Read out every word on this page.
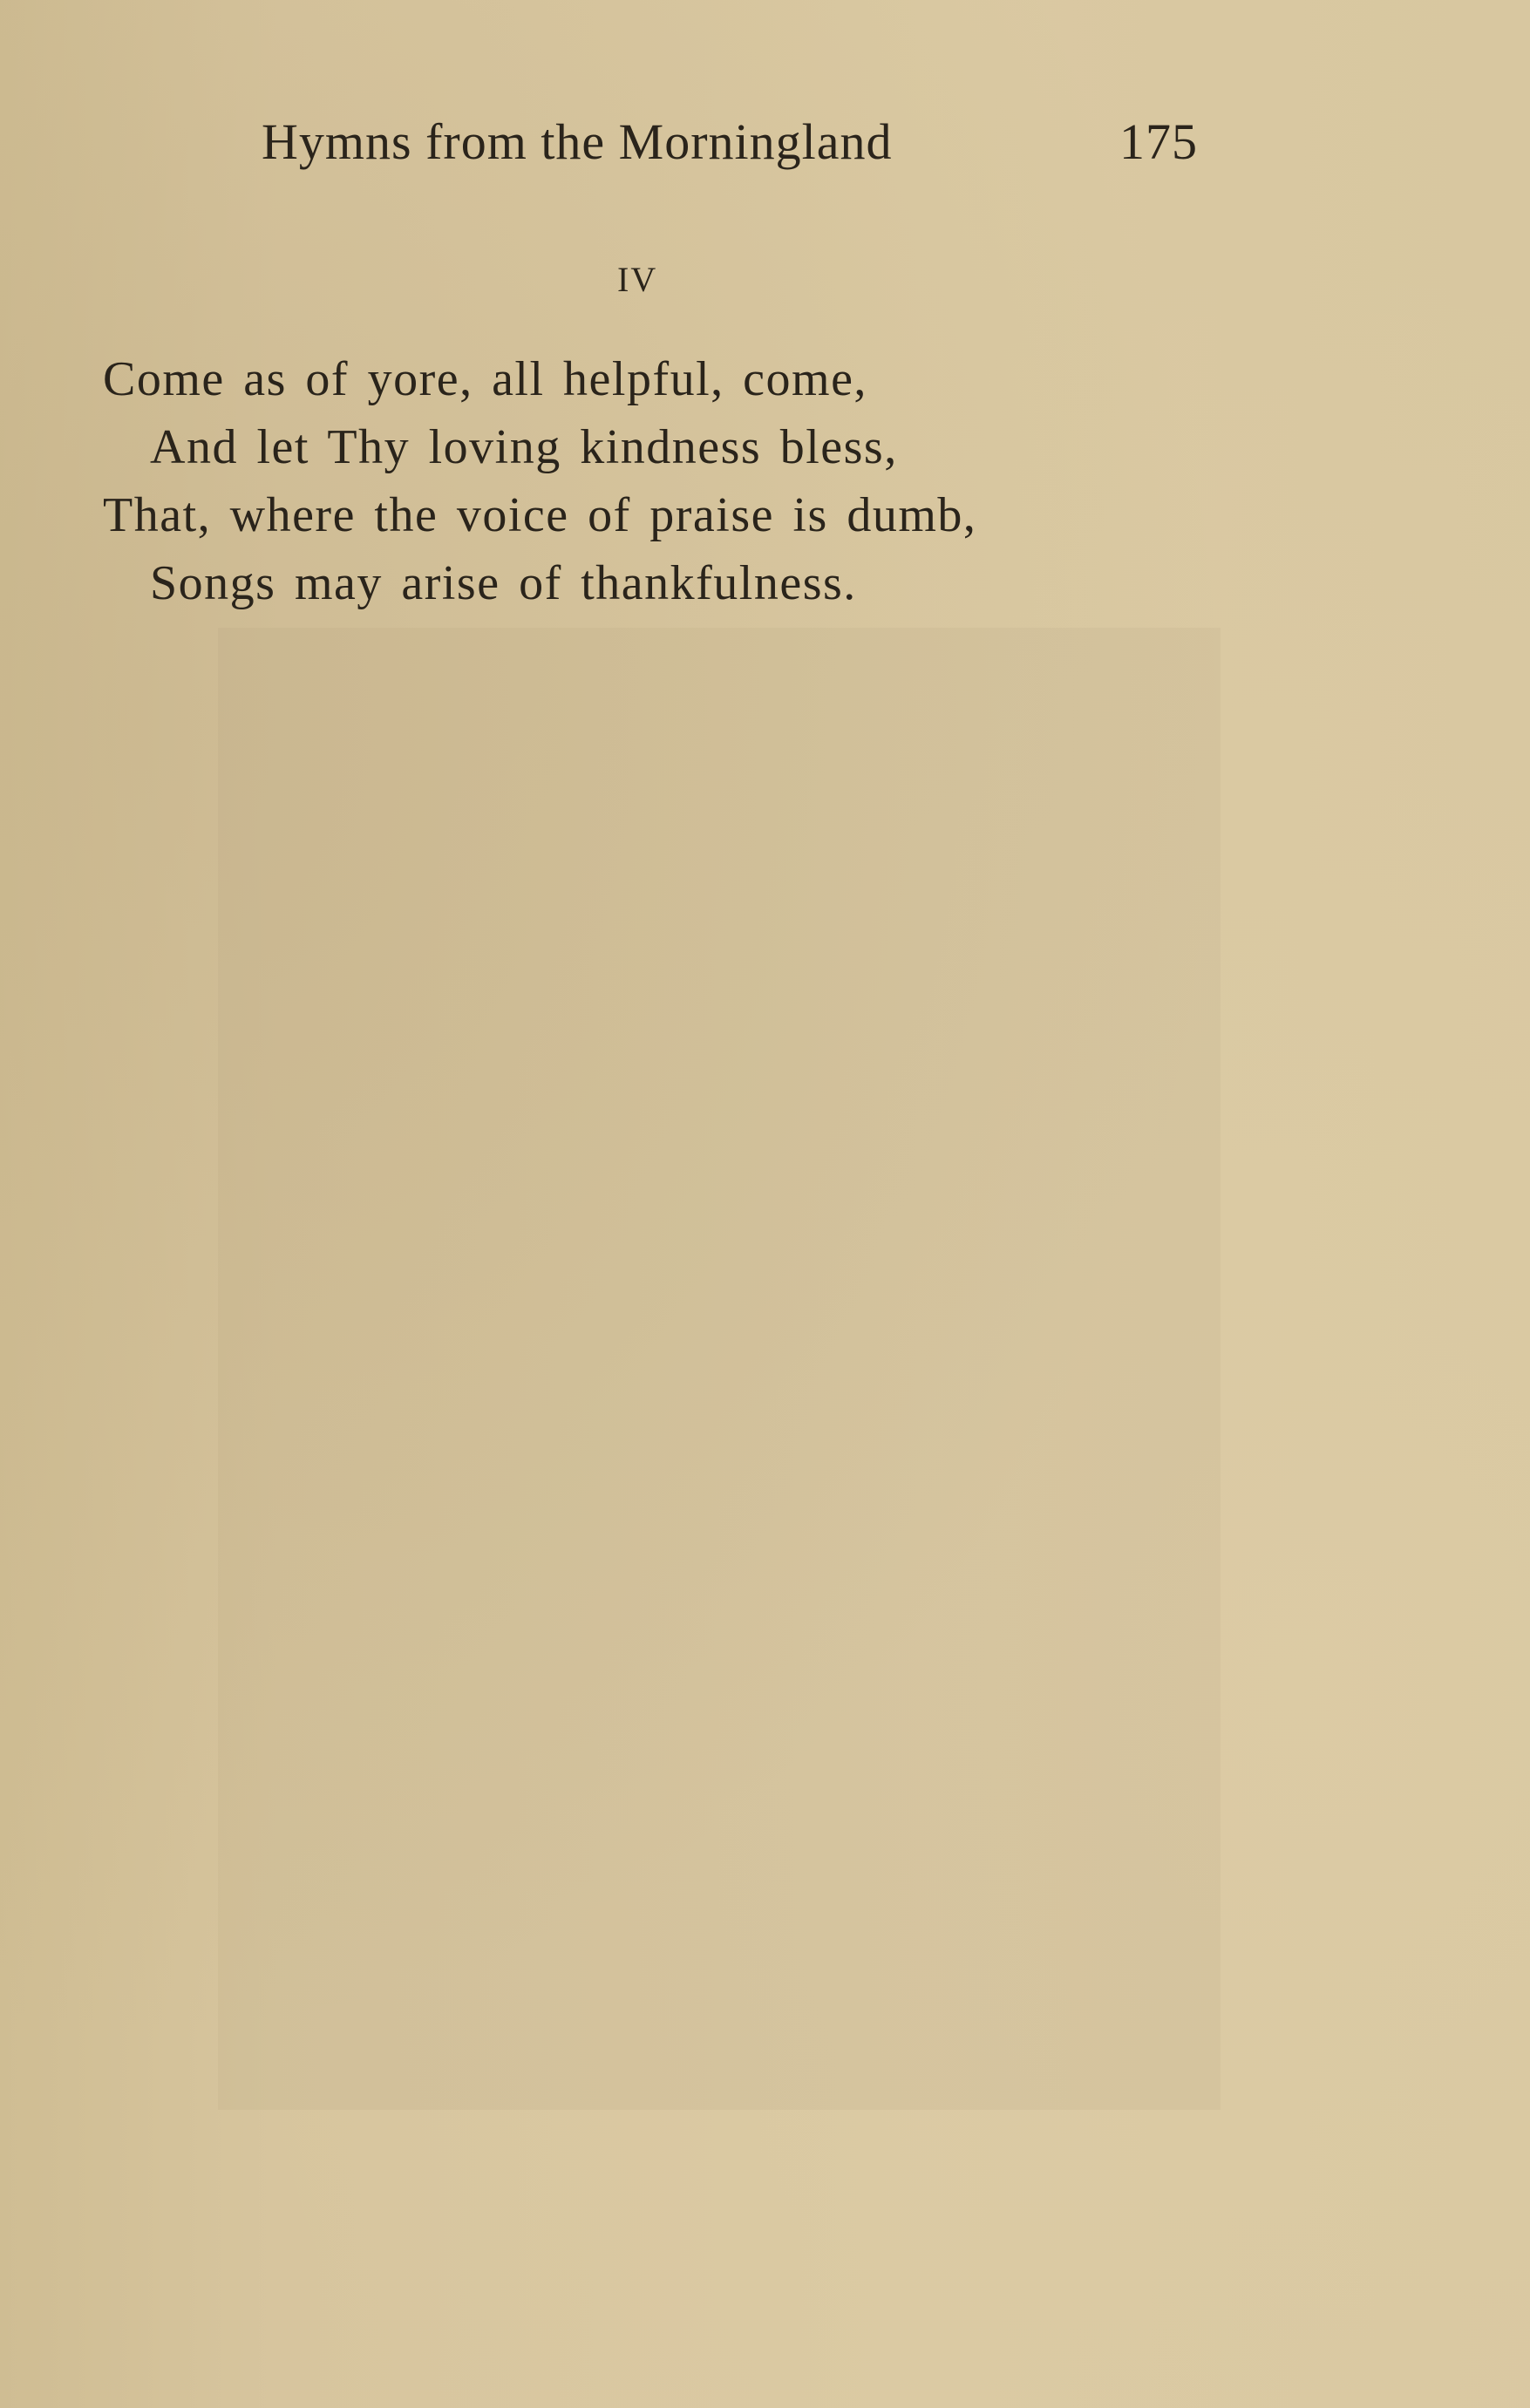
Hymns from the Morningland	175
IV
Come as of yore, all helpful, come,
And let Thy loving kindness bless,
That, where the voice of praise is dumb,
Songs may arise of thankfulness.
